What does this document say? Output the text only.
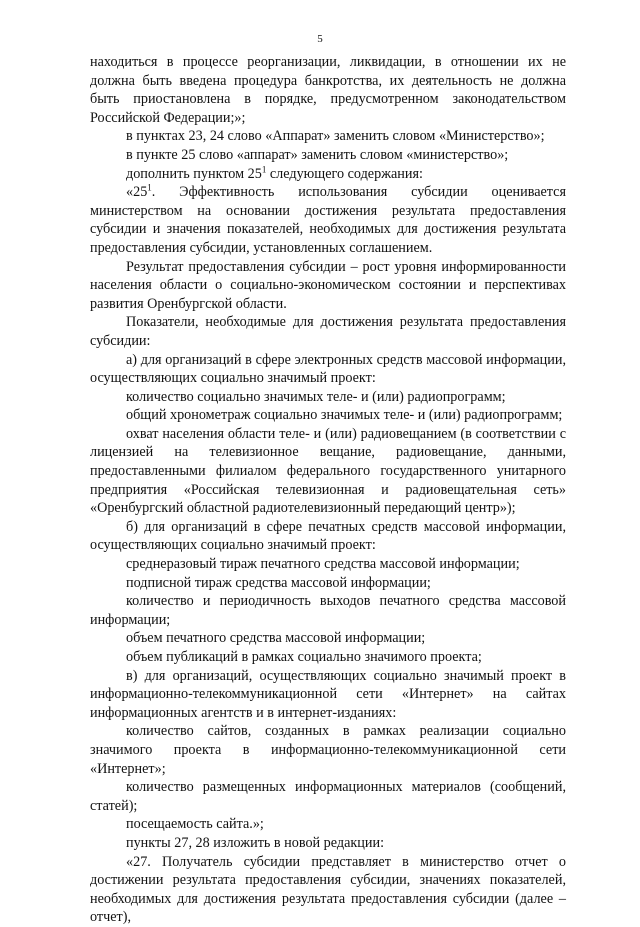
5

находиться в процессе реорганизации, ликвидации, в отношении их не должна быть введена процедура банкротства, их деятельность не должна быть приостановлена в порядке, предусмотренном законодательством Российской Федерации;»;

в пунктах 23, 24 слово «Аппарат» заменить словом «Министерство»;

в пункте 25 слово «аппарат» заменить словом «министерство»;

дополнить пунктом $25^1$ следующего содержания:

«$25^1$. Эффективность использования субсидии оценивается министерством на основании достижения результата предоставления субсидии и значения показателей, необходимых для достижения результата предоставления субсидии, установленных соглашением.

Результат предоставления субсидии – рост уровня информированности населения области о социально-экономическом состоянии и перспективах развития Оренбургской области.

Показатели, необходимые для достижения результата предоставления субсидии:

а) для организаций в сфере электронных средств массовой информации, осуществляющих социально значимый проект:

количество социально значимых теле- и (или) радиопрограмм;

общий хронометраж социально значимых теле- и (или) радиопрограмм;

охват населения области теле- и (или) радиовещанием (в соответствии с лицензией на телевизионное вещание, радиовещание, данными, предоставленными филиалом федерального государственного унитарного предприятия «Российская телевизионная и радиовещательная сеть» «Оренбургский областной радиотелевизионный передающий центр»);

б) для организаций в сфере печатных средств массовой информации, осуществляющих социально значимый проект:

среднеразовый тираж печатного средства массовой информации;

подписной тираж средства массовой информации;

количество и периодичность выходов печатного средства массовой информации;

объем печатного средства массовой информации;

объем публикаций в рамках социально значимого проекта;

в) для организаций, осуществляющих социально значимый проект в информационно-телекоммуникационной сети «Интернет» на сайтах информационных агентств и в интернет-изданиях:

количество сайтов, созданных в рамках реализации социально значимого проекта в информационно-телекоммуникационной сети «Интернет»;

количество размещенных информационных материалов (сообщений, статей);

посещаемость сайта.»;

пункты 27, 28 изложить в новой редакции:

«27. Получатель субсидии представляет в министерство отчет о достижении результата предоставления субсидии, значениях показателей, необходимых для достижения результата предоставления субсидии (далее – отчет),
